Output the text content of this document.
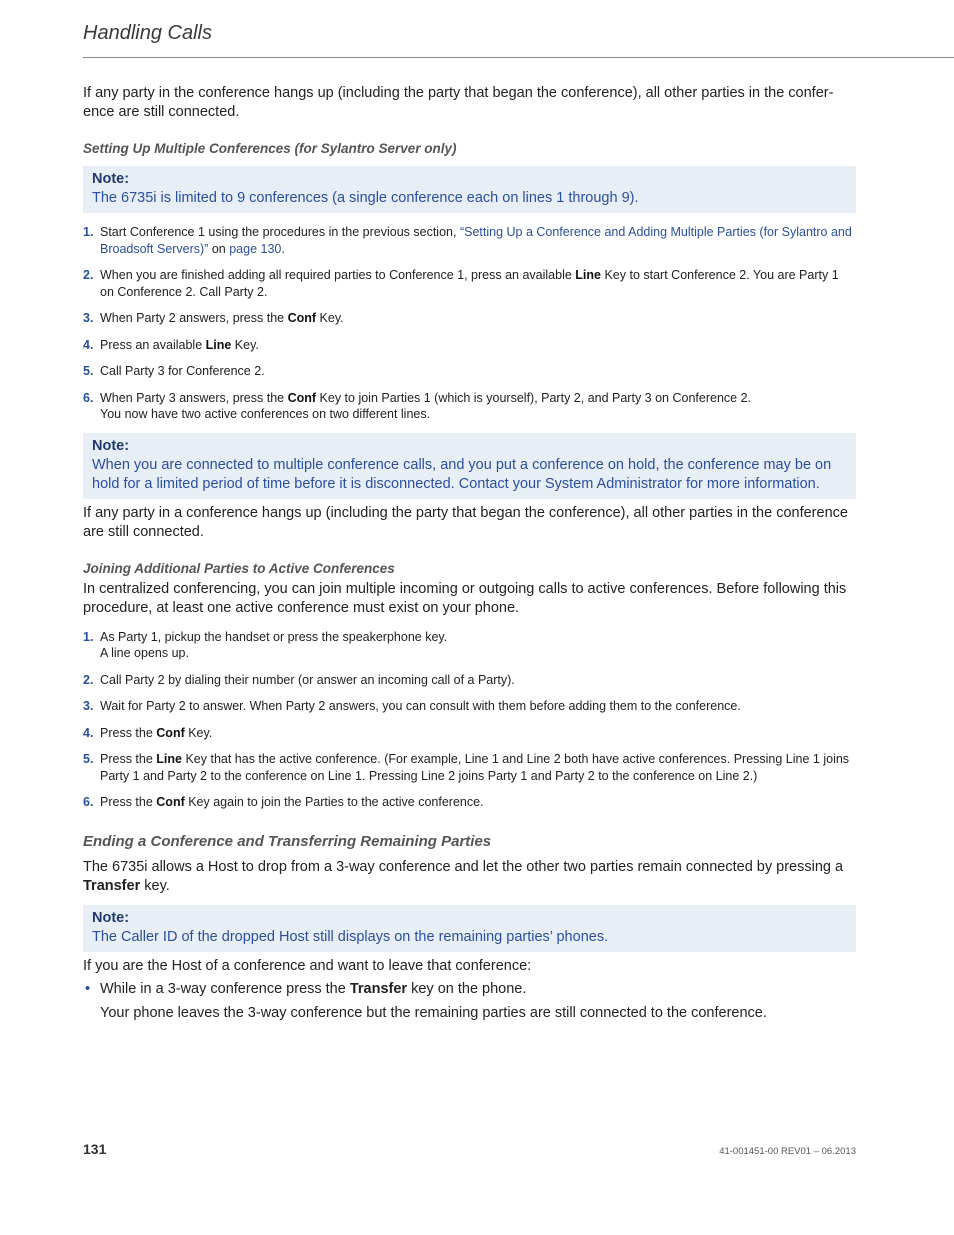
Handling Calls

If any party in the conference hangs up (including the party that began the conference), all other parties in the confer-ence are still connected.

Setting Up Multiple Conferences (for Sylantro Server only)
Note:
The 6735i is limited to 9 conferences (a single conference each on lines 1 through 9).
1. Start Conference 1 using the procedures in the previous section, “Setting Up a Conference and Adding Multiple Parties (for Sylantro and Broadsoft Servers)” on page 130.
2. When you are finished adding all required parties to Conference 1, press an available Line Key to start Conference 2. You are Party 1 on Conference 2. Call Party 2.
3. When Party 2 answers, press the Conf Key.
4. Press an available Line Key.
5. Call Party 3 for Conference 2.
6. When Party 3 answers, press the Conf Key to join Parties 1 (which is yourself), Party 2, and Party 3 on Conference 2.
You now have two active conferences on two different lines.
Note:
When you are connected to multiple conference calls, and you put a conference on hold, the conference may be on hold for a limited period of time before it is disconnected. Contact your System Administrator for more information.

If any party in a conference hangs up (including the party that began the conference), all other parties in the conference are still connected.

Joining Additional Parties to Active Conferences

In centralized conferencing, you can join multiple incoming or outgoing calls to active conferences. Before following this procedure, at least one active conference must exist on your phone.

1. As Party 1, pickup the handset or press the speakerphone key.
A line opens up.
2. Call Party 2 by dialing their number (or answer an incoming call of a Party).
3. Wait for Party 2 to answer. When Party 2 answers, you can consult with them before adding them to the conference.
4. Press the Conf Key.
5. Press the Line Key that has the active conference. (For example, Line 1 and Line 2 both have active conferences. Pressing Line 1 joins Party 1 and Party 2 to the conference on Line 1. Pressing Line 2 joins Party 1 and Party 2 to the conference on Line 2.)
6. Press the Conf Key again to join the Parties to the active conference.
Ending a Conference and Transferring Remaining Parties

The 6735i allows a Host to drop from a 3-way conference and let the other two parties remain connected by pressing a Transfer key.

Note:
The Caller ID of the dropped Host still displays on the remaining parties’ phones.

If you are the Host of a conference and want to leave that conference:

• While in a 3-way conference press the Transfer key on the phone.

Your phone leaves the 3-way conference but the remaining parties are still connected to the conference.

131	41-001451-00 REV01 – 06.2013
